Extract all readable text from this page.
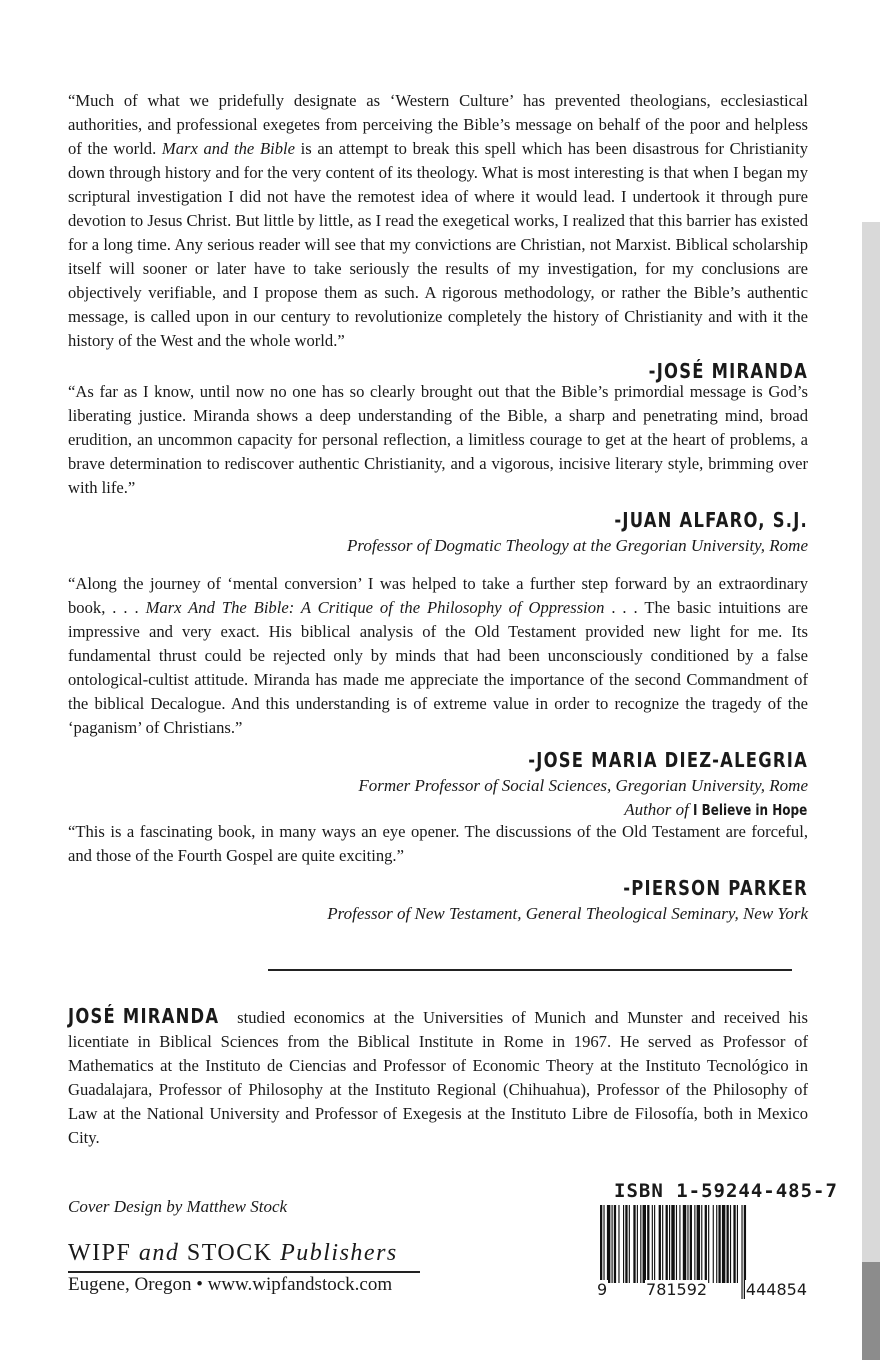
“Much of what we pridefully designate as ‘Western Culture’ has prevented theologians, ecclesiastical authorities, and professional exegetes from perceiving the Bible’s message on behalf of the poor and helpless of the world. Marx and the Bible is an attempt to break this spell which has been disastrous for Christianity down through history and for the very content of its theology. What is most interesting is that when I began my scriptural investigation I did not have the remotest idea of where it would lead. I undertook it through pure devotion to Jesus Christ. But little by little, as I read the exegetical works, I realized that this barrier has existed for a long time. Any serious reader will see that my convictions are Christian, not Marxist. Biblical scholarship itself will sooner or later have to take seriously the results of my investigation, for my conclusions are objectively verifiable, and I propose them as such. A rigorous methodology, or rather the Bible’s authentic message, is called upon in our century to revolutionize completely the history of Christianity and with it the history of the West and the whole world.”

-JOSÉ MIRANDA

“As far as I know, until now no one has so clearly brought out that the Bible’s primordial message is God’s liberating justice. Miranda shows a deep understanding of the Bible, a sharp and penetrating mind, broad erudition, an uncommon capacity for personal reflection, a limitless courage to get at the heart of problems, a brave determination to rediscover authentic Christianity, and a vigorous, incisive literary style, brimming over with life.”

-JUAN ALFARO, S.J.
Professor of Dogmatic Theology at the Gregorian University, Rome

“Along the journey of ‘mental conversion’ I was helped to take a further step forward by an extraordinary book, . . . Marx And The Bible: A Critique of the Philosophy of Oppression . . . The basic intuitions are impressive and very exact. His biblical analysis of the Old Testament provided new light for me. Its fundamental thrust could be rejected only by minds that had been unconsciously conditioned by a false ontological-cultist attitude. Miranda has made me appreciate the importance of the second Commandment of the biblical Decalogue. And this understanding is of extreme value in order to recognize the tragedy of the ‘paganism’ of Christians.”

-JOSE MARIA DIEZ-ALEGRIA
Former Professor of Social Sciences, Gregorian University, Rome
Author of I Believe in Hope

“This is a fascinating book, in many ways an eye opener. The discussions of the Old Testament are forceful, and those of the Fourth Gospel are quite exciting.”

-PIERSON PARKER
Professor of New Testament, General Theological Seminary, New York

JOSÉ MIRANDA studied economics at the Universities of Munich and Munster and received his licentiate in Biblical Sciences from the Biblical Institute in Rome in 1967. He served as Professor of Mathematics at the Instituto de Ciencias and Professor of Economic Theory at the Instituto Tecnológico in Guadalajara, Professor of Philosophy at the Instituto Regional (Chihuahua), Professor of the Philosophy of Law at the National University and Professor of Exegesis at the Instituto Libre de Filosofía, both in Mexico City.

Cover Design by Matthew Stock
WIPF and STOCK Publishers
Eugene, Oregon • www.wipfandstock.com
ISBN 1-59244-485-7
9 781592 444854
